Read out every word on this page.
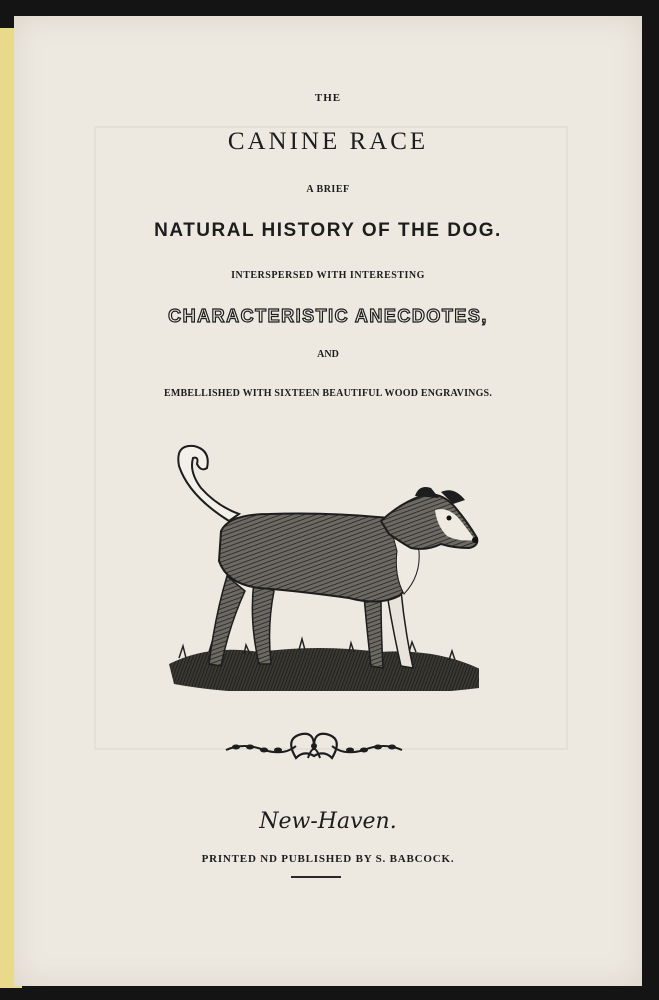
THE
CANINE RACE
A BRIEF
NATURAL HISTORY OF THE DOG.
INTERSPERSED WITH INTERESTING
CHARACTERISTIC ANECDOTES,
AND
EMBELLISHED WITH SIXTEEN BEAUTIFUL WOOD ENGRAVINGS.
New-Haven.
PRINTED ND PUBLISHED BY S. BABCOCK.
